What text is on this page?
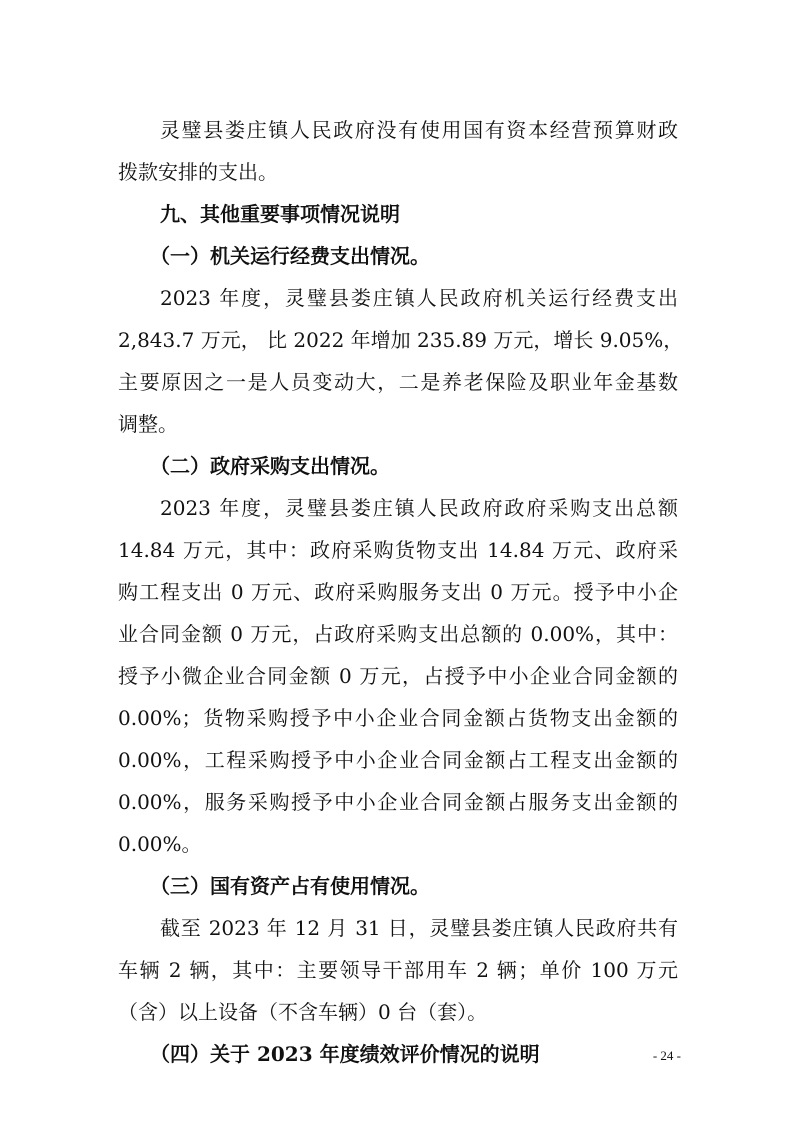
灵璧县娄庄镇人民政府没有使用国有资本经营预算财政
拨款安排的支出。
九、其他重要事项情况说明
（一）机关运行经费支出情况。
2023 年度，灵璧县娄庄镇人民政府机关运行经费支出
2,843.7 万元， 比 2022 年增加 235.89 万元，增长 9.05%，
主要原因之一是人员变动大，二是养老保险及职业年金基数
调整。
（二）政府采购支出情况。
2023 年度，灵璧县娄庄镇人民政府政府采购支出总额
14.84 万元，其中：政府采购货物支出 14.84 万元、政府采
购工程支出 0 万元、政府采购服务支出 0 万元。授予中小企
业合同金额 0 万元，占政府采购支出总额的 0.00%，其中：
授予小微企业合同金额 0 万元，占授予中小企业合同金额的
0.00%；货物采购授予中小企业合同金额占货物支出金额的
0.00%，工程采购授予中小企业合同金额占工程支出金额的
0.00%，服务采购授予中小企业合同金额占服务支出金额的
0.00%。
（三）国有资产占有使用情况。
截至 2023 年 12 月 31 日，灵璧县娄庄镇人民政府共有
车辆 2 辆，其中：主要领导干部用车 2 辆；单价 100 万元
（含）以上设备（不含车辆）0 台（套）。
（四）关于 2023 年度绩效评价情况的说明	- 24 -
